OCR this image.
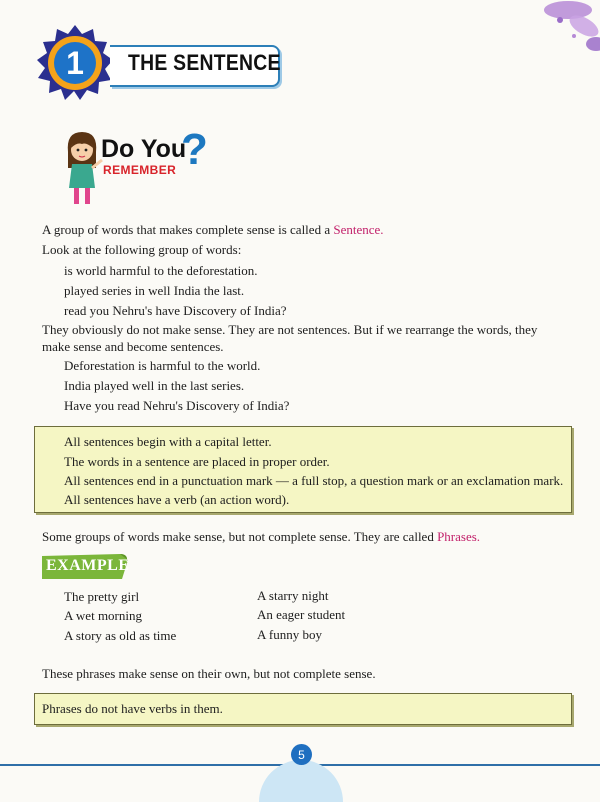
1	THE SENTENCE
Do You
?
REMEMBER
A group of words that makes complete sense is called a Sentence.
Look at the following group of words:
is world harmful to the deforestation.
played series in well India the last.
read you Nehru's have Discovery of India?
They obviously do not make sense. They are not sentences. But if we rearrange the words, they
make sense and become sentences.
Deforestation is harmful to the world.
India played well in the last series.
Have you read Nehru's Discovery of India?
All sentences begin with a capital letter.
The words in a sentence are placed in proper order.
All sentences end in a punctuation mark — a full stop, a question mark or an exclamation mark.
All sentences have a verb (an action word).
Some groups of words make sense, but not complete sense. They are called Phrases.
EXAMPLE
The pretty girl
A wet morning
A story as old as time
A starry night
An eager student
A funny boy
These phrases make sense on their own, but not complete sense.
Phrases do not have verbs in them.
5
